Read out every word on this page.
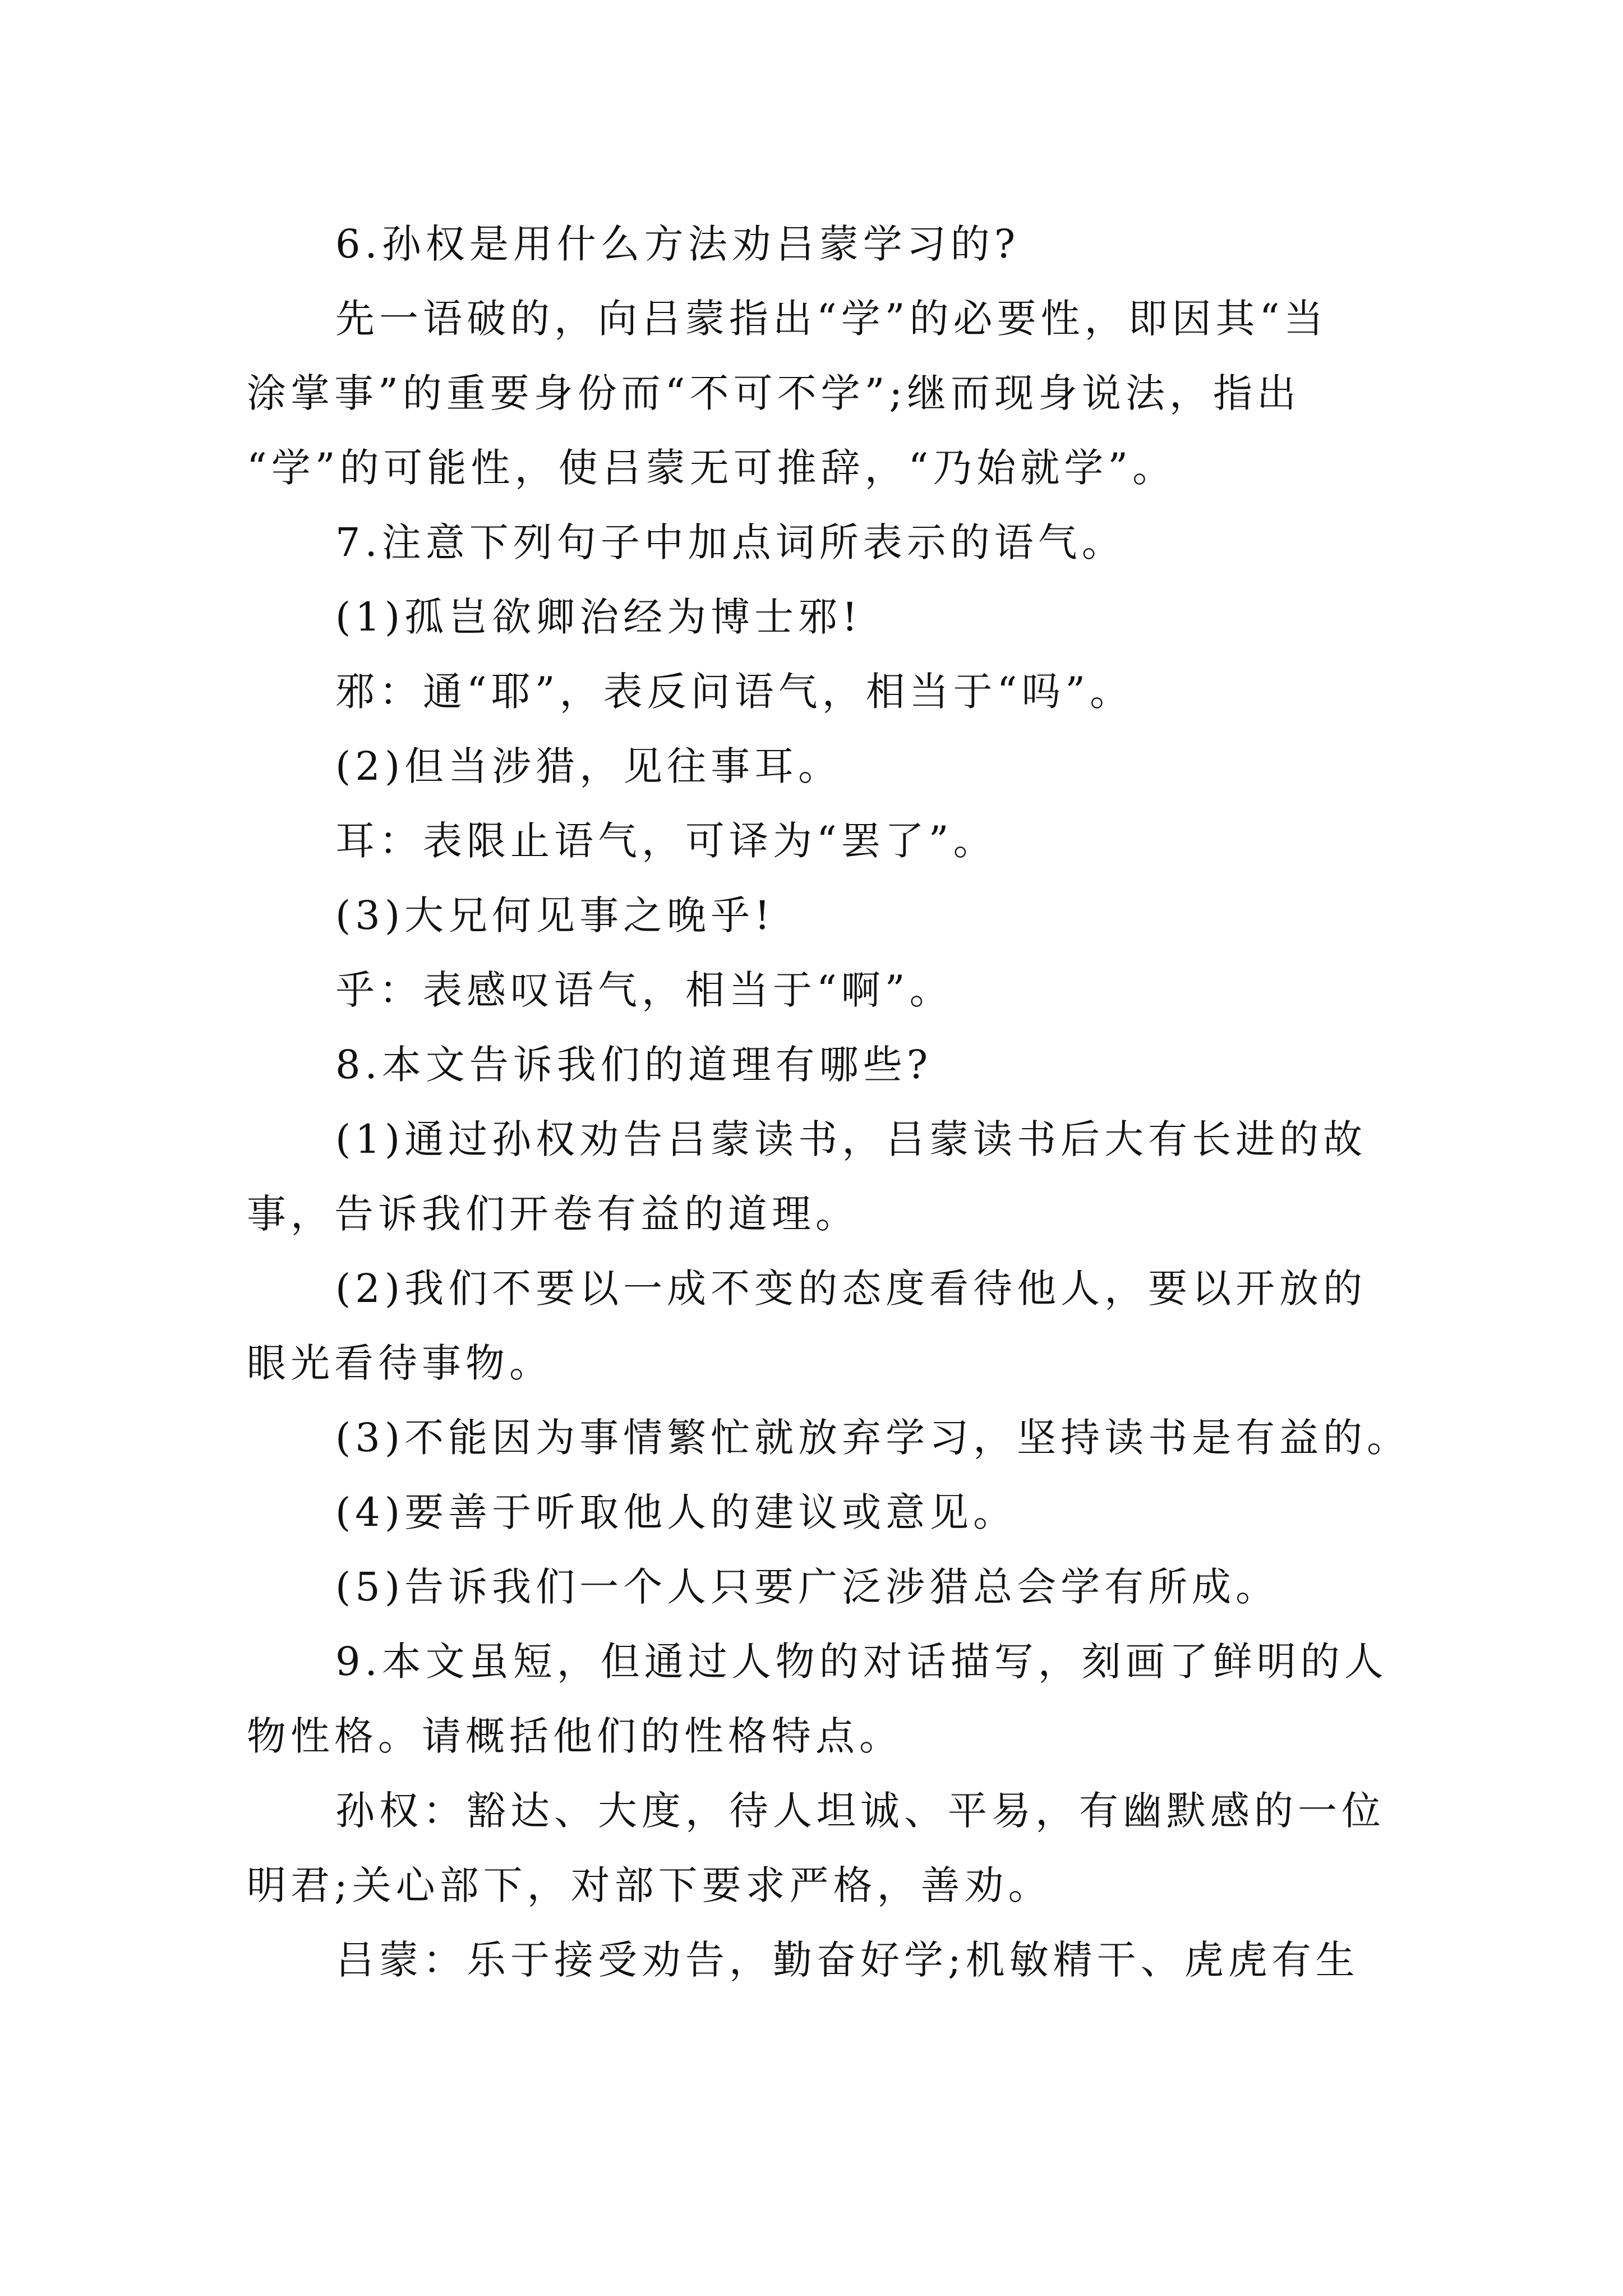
6.孙权是用什么方法劝吕蒙学习的?
先一语破的，向吕蒙指出“学”的必要性，即因其“当
涂掌事”的重要身份而“不可不学”;继而现身说法，指出
“学”的可能性，使吕蒙无可推辞，“乃始就学”。
7.注意下列句子中加点词所表示的语气。
(1)孤岂欲卿治经为博士邪!
邪：通“耶”，表反问语气，相当于“吗”。
(2)但当涉猎，见往事耳。
耳：表限止语气，可译为“罢了”。
(3)大兄何见事之晚乎!
乎：表感叹语气，相当于“啊”。
8.本文告诉我们的道理有哪些?
(1)通过孙权劝告吕蒙读书，吕蒙读书后大有长进的故
事，告诉我们开卷有益的道理。
(2)我们不要以一成不变的态度看待他人，要以开放的
眼光看待事物。
(3)不能因为事情繁忙就放弃学习，坚持读书是有益的。
(4)要善于听取他人的建议或意见。
(5)告诉我们一个人只要广泛涉猎总会学有所成。
9.本文虽短，但通过人物的对话描写，刻画了鲜明的人
物性格。请概括他们的性格特点。
孙权：豁达、大度，待人坦诚、平易，有幽默感的一位
明君;关心部下，对部下要求严格，善劝。
吕蒙：乐于接受劝告，勤奋好学;机敏精干、虎虎有生
